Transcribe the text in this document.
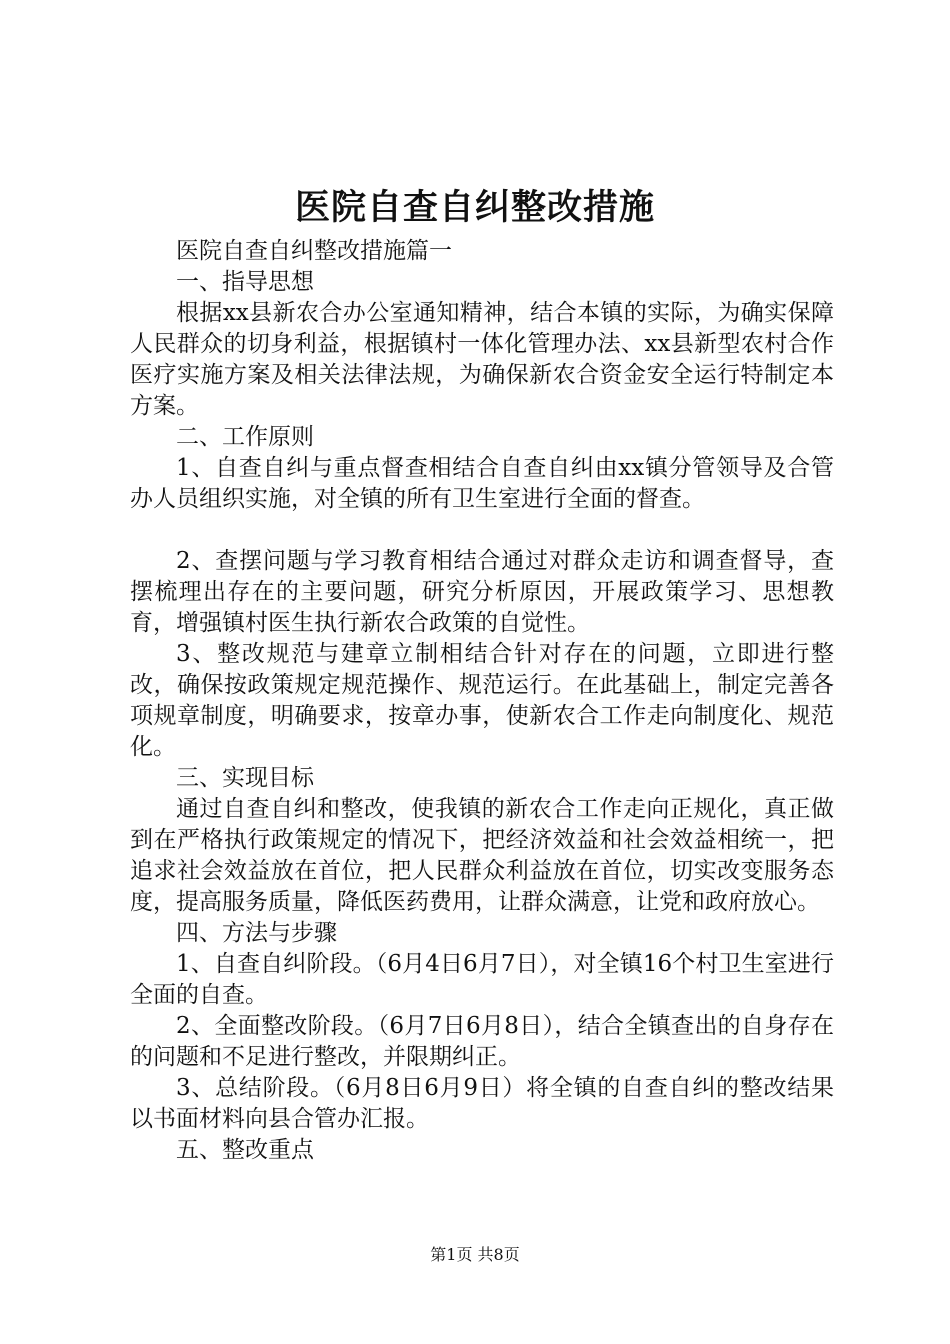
医院自查自纠整改措施

医院自查自纠整改措施篇一

一、指导思想

根据xx县新农合办公室通知精神，结合本镇的实际，为确实保障人民群众的切身利益，根据镇村一体化管理办法、xx县新型农村合作医疗实施方案及相关法律法规，为确保新农合资金安全运行特制定本方案。

二、工作原则

1、自查自纠与重点督查相结合自查自纠由xx镇分管领导及合管办人员组织实施，对全镇的所有卫生室进行全面的督查。

2、查摆问题与学习教育相结合通过对群众走访和调查督导，查摆梳理出存在的主要问题，研究分析原因，开展政策学习、思想教育，增强镇村医生执行新农合政策的自觉性。

3、整改规范与建章立制相结合针对存在的问题，立即进行整改，确保按政策规定规范操作、规范运行。在此基础上，制定完善各项规章制度，明确要求，按章办事，使新农合工作走向制度化、规范化。

三、实现目标

通过自查自纠和整改，使我镇的新农合工作走向正规化，真正做到在严格执行政策规定的情况下，把经济效益和社会效益相统一，把追求社会效益放在首位，把人民群众利益放在首位，切实改变服务态度，提高服务质量，降低医药费用，让群众满意，让党和政府放心。

四、方法与步骤

1、自查自纠阶段。（6月4日6月7日），对全镇16个村卫生室进行全面的自查。

2、全面整改阶段。（6月7日6月8日），结合全镇查出的自身存在的问题和不足进行整改，并限期纠正。

3、总结阶段。（6月8日6月9日）将全镇的自查自纠的整改结果以书面材料向县合管办汇报。

五、整改重点

第1页 共8页
